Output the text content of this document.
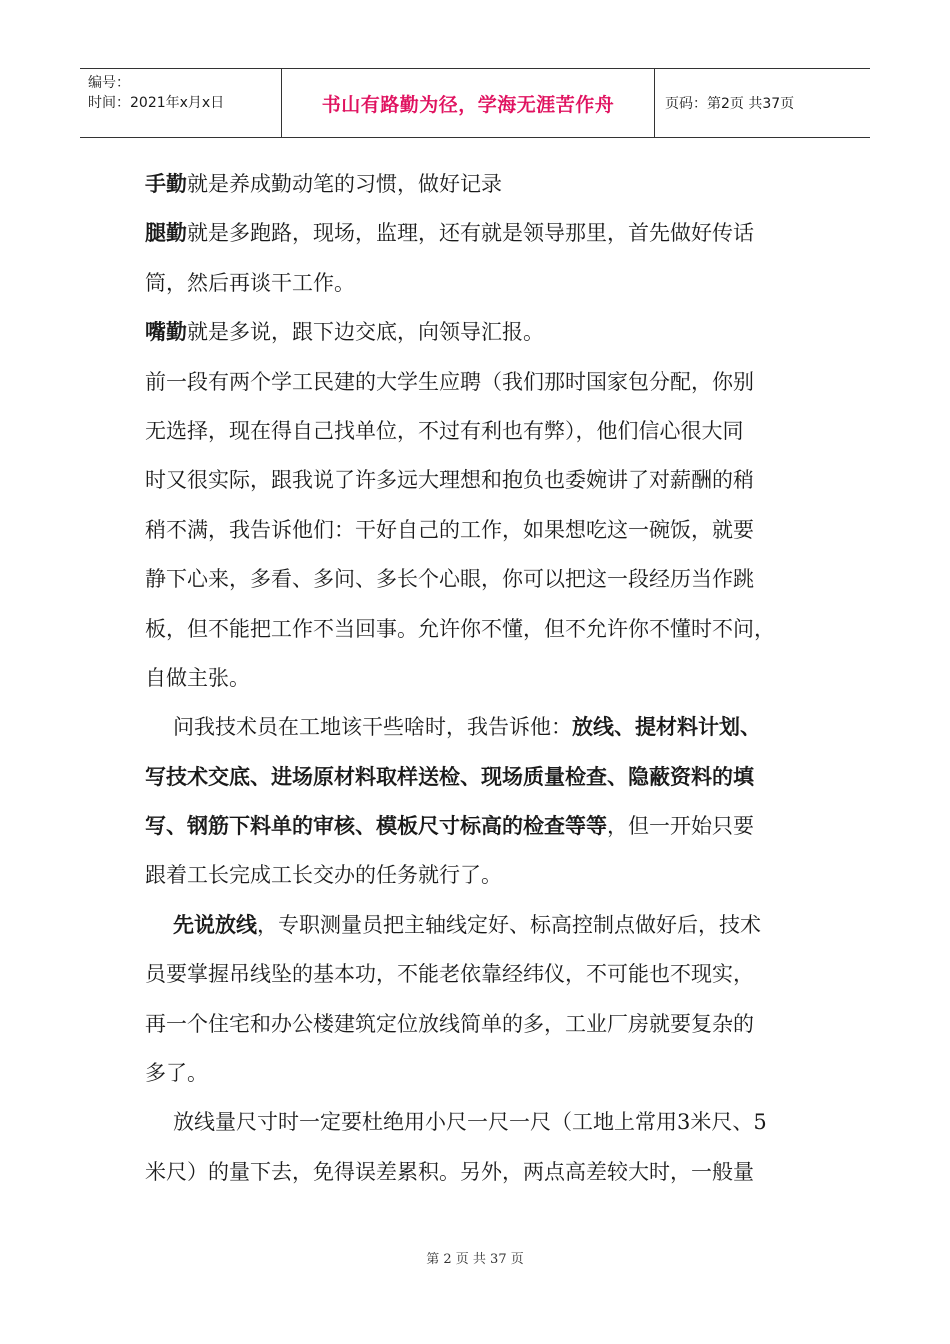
编号：
时间：2021年x月x日	书山有路勤为径，学海无涯苦作舟	页码：第2页 共37页

手勤就是养成勤动笔的习惯，做好记录

腿勤就是多跑路，现场，监理，还有就是领导那里，首先做好传话

筒，然后再谈干工作。

嘴勤就是多说，跟下边交底，向领导汇报。

前一段有两个学工民建的大学生应聘（我们那时国家包分配，你别

无选择，现在得自己找单位，不过有利也有弊），他们信心很大同

时又很实际，跟我说了许多远大理想和抱负也委婉讲了对薪酬的稍

稍不满，我告诉他们：干好自己的工作，如果想吃这一碗饭，就要

静下心来，多看、多问、多长个心眼，你可以把这一段经历当作跳

板，但不能把工作不当回事。允许你不懂，但不允许你不懂时不问，

自做主张。

问我技术员在工地该干些啥时，我告诉他：放线、提材料计划、

写技术交底、进场原材料取样送检、现场质量检查、隐蔽资料的填

写、钢筋下料单的审核、模板尺寸标高的检查等等，但一开始只要

跟着工长完成工长交办的任务就行了。

先说放线，专职测量员把主轴线定好、标高控制点做好后，技术

员要掌握吊线坠的基本功，不能老依靠经纬仪，不可能也不现实，

再一个住宅和办公楼建筑定位放线简单的多，工业厂房就要复杂的

多了。

放线量尺寸时一定要杜绝用小尺一尺一尺（工地上常用3米尺、5

米尺）的量下去，免得误差累积。另外，两点高差较大时，一般量

第 2 页 共 37 页
